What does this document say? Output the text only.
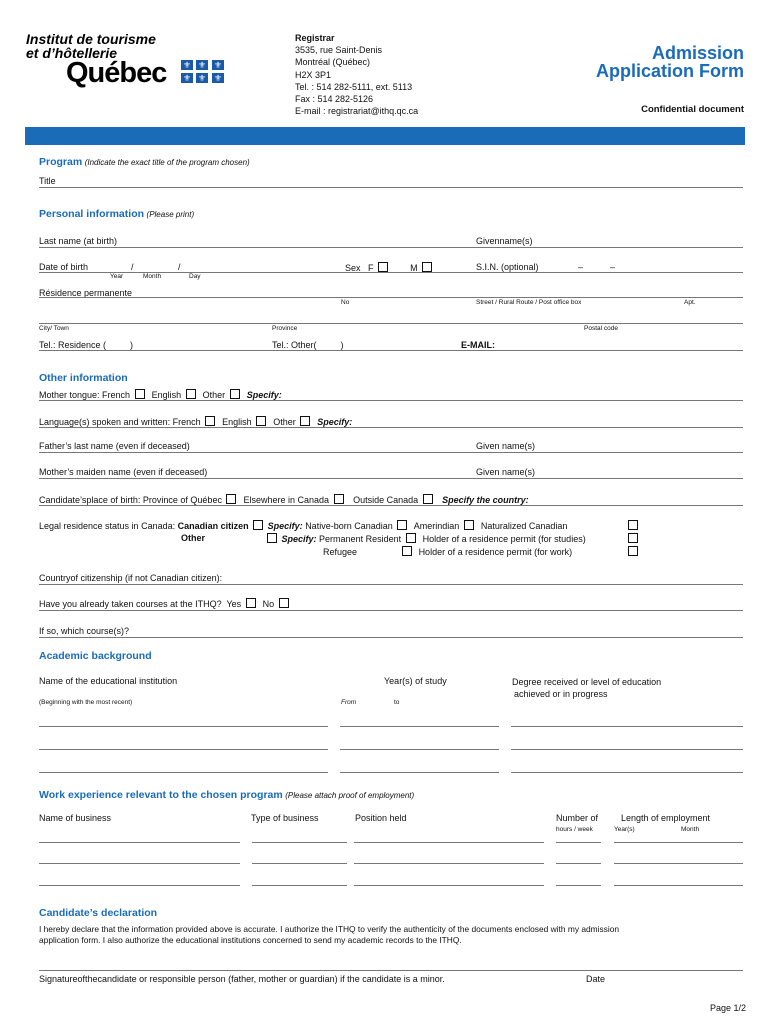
Institut de tourisme
et d’hôtellerie
Québec ⚜ ⚜
⚜ ⚜
⚜
⚜
Registrar
3535, rue Saint-Denis
Montréal (Québec)
H2X 3P1
Tel. : 514 282-5111, ext. 5113
Fax : 514 282-5126
E-mail : registrariat@ithq.qc.ca
Admission
Application Form
Confidential document
Program (Indicate the exact title of the program chosen)
Title
Personal information (Please print)
Last name (at birth)	Givenname(s)
Date of birth	/	/
Year	Month	Day
Sex F	M	S.I.N. (optional)	–	–
Résidence permanente
No	Street / Rural Route / Post office box	Apt.
City/ Town	Province	Postal code
Tel.: Residence (	)	Tel.: Other(	)	E-MAIL:
Other information
Mother tongue: French English Other Specify:
Language(s) spoken and written: French English Other Specify:
Father’s last name (even if deceased)	Given name(s)
Mother’s maiden name (even if deceased)	Given name(s)
Candidate’splace of birth: Province of Québec Elsewhere in Canada	Outside Canada	Specify the country:
Legal residence status in Canada: Canadian citizen Specify: Native-born Canadian Amerindian Naturalized Canadian
Other	Specify: Permanent Resident Holder of a residence permit (for studies)
Refugee	Holder of a residence permit (for work)
Countryof citizenship (if not Canadian citizen):
Have you already taken courses at the ITHQ? Yes No
If so, which course(s)?
Academic background
Name of the educational institution	Year(s) of study	Degree received or level of education
achieved or in progress
(Beginning with the most recent)	From	to
Work experience relevant to the chosen program (Please attach proof of employment)
Name of business	Type of business	Position held	Number of
hours / week
Length of employment
Year(s)	Month
Candidate’s declaration
I hereby declare that the information provided above is accurate. I authorize the ITHQ to verify the authenticity of the documents enclosed with my admission
application form. I also authorize the educational institutions concerned to send my academic records to the ITHQ.
Signatureofthecandidate or responsible person (father, mother or guardian) if the candidate is a minor.	Date
Page 1/2
